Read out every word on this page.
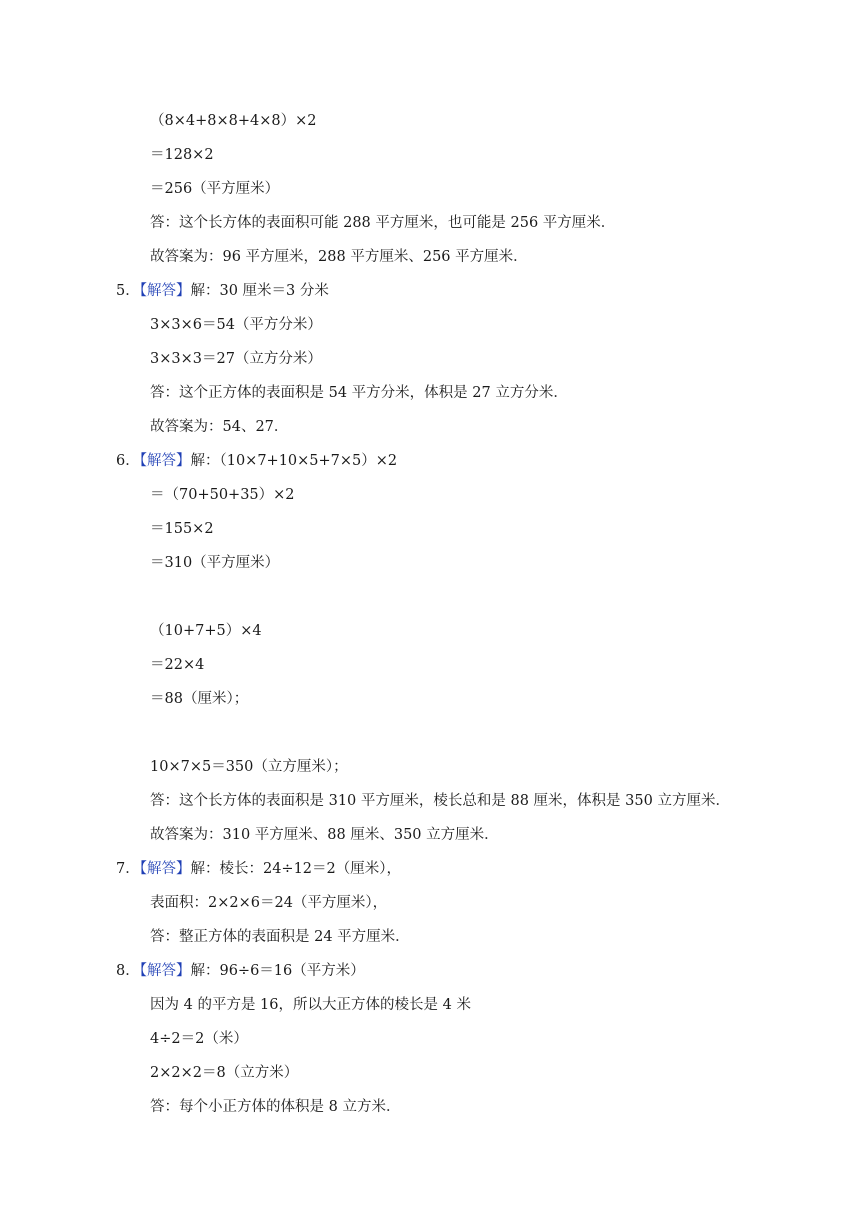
（8×4+8×8+4×8）×2
＝128×2
＝256（平方厘米）
答：这个长方体的表面积可能 288 平方厘米，也可能是 256 平方厘米．
故答案为：96 平方厘米，288 平方厘米、256 平方厘米．
5．【解答】解：30 厘米＝3 分米
3×3×6＝54（平方分米）
3×3×3＝27（立方分米）
答：这个正方体的表面积是 54 平方分米，体积是 27 立方分米．
故答案为：54、27．
6．【解答】解：（10×7+10×5+7×5）×2
＝（70+50+35）×2
＝155×2
＝310（平方厘米）
（10+7+5）×4
＝22×4
＝88（厘米）；
10×7×5＝350（立方厘米）；
答：这个长方体的表面积是 310 平方厘米，棱长总和是 88 厘米，体积是 350 立方厘米．
故答案为：310 平方厘米、88 厘米、350 立方厘米．
7．【解答】解：棱长：24÷12＝2（厘米），
表面积：2×2×6＝24（平方厘米），
答：整正方体的表面积是 24 平方厘米．
8．【解答】解：96÷6＝16（平方米）
因为 4 的平方是 16，所以大正方体的棱长是 4 米
4÷2＝2（米）
2×2×2＝8（立方米）
答：每个小正方体的体积是 8 立方米．
